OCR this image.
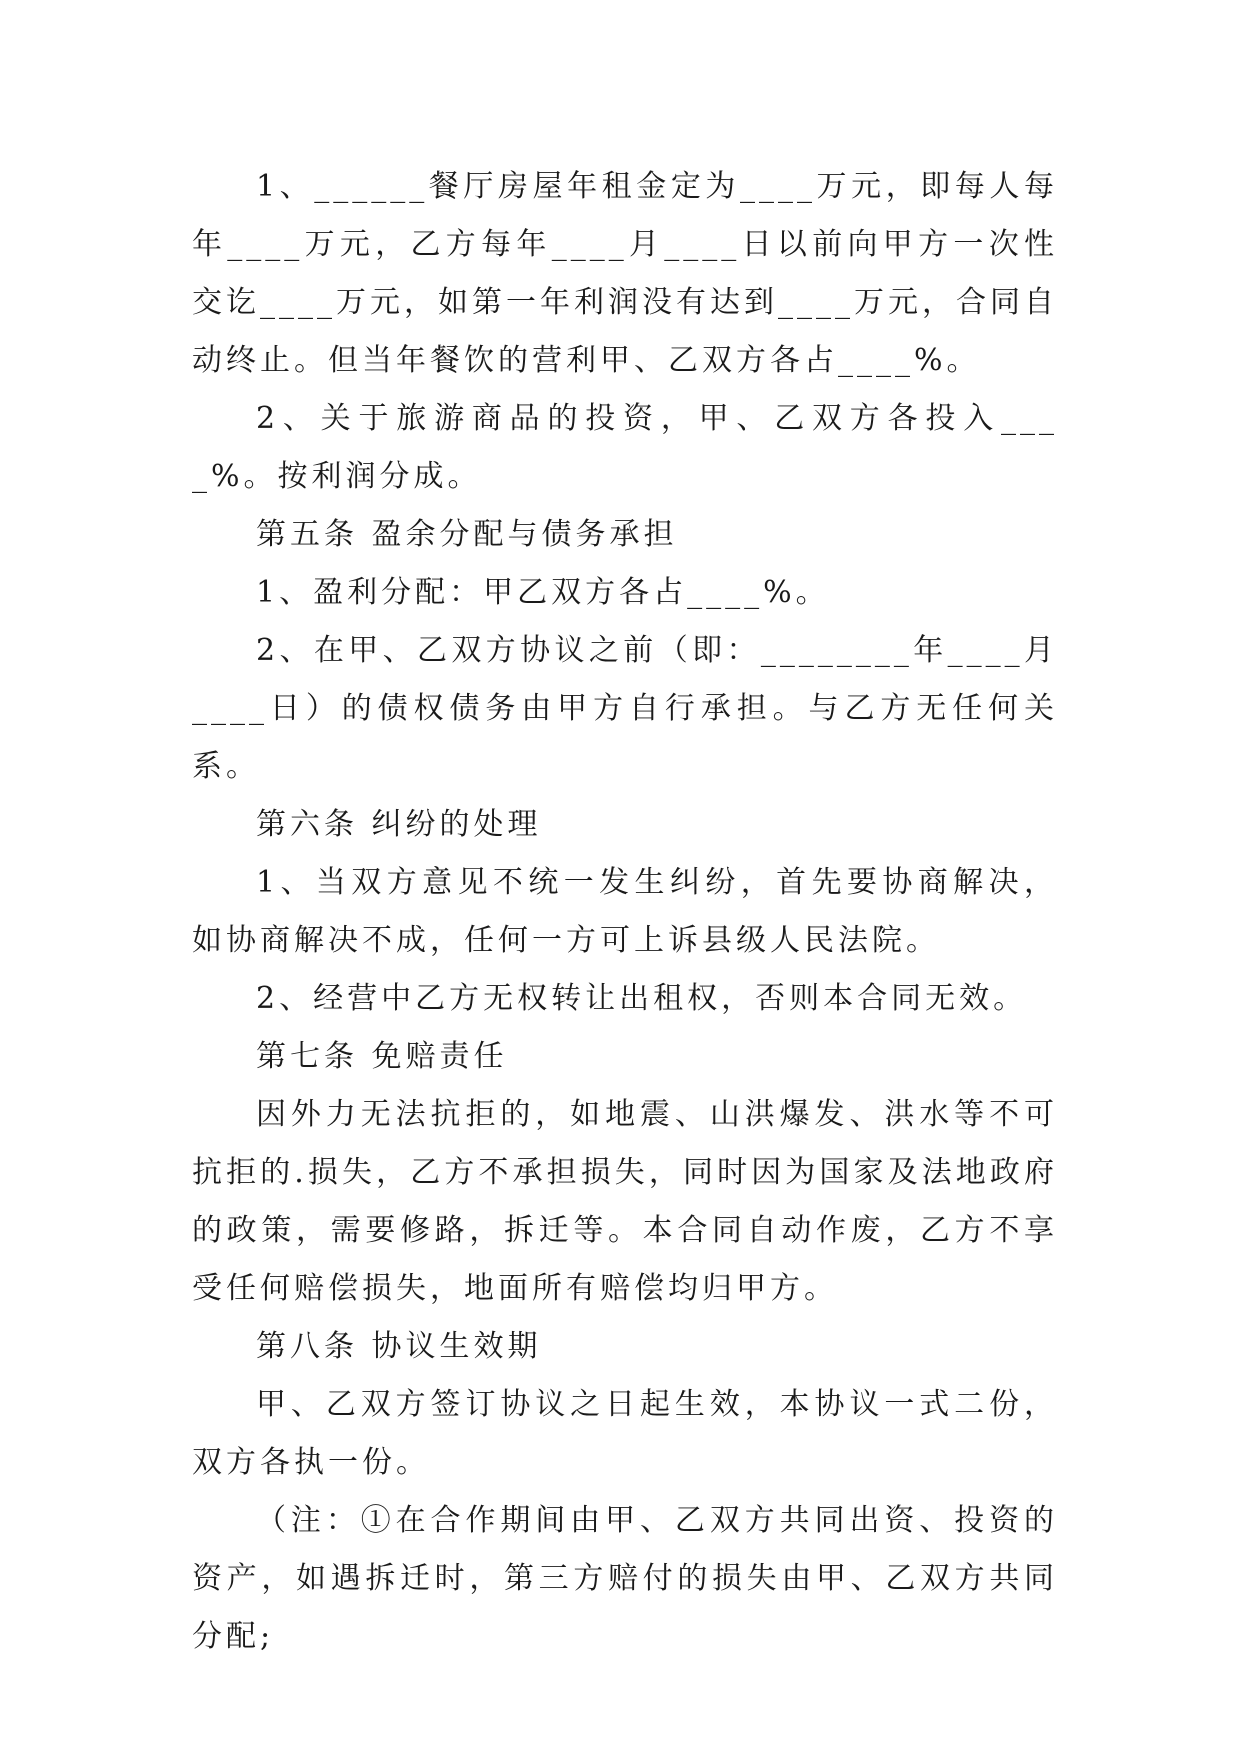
1、______餐厅房屋年租金定为____万元，即每人每年____万元，乙方每年____月____日以前向甲方一次性交讫____万元，如第一年利润没有达到____万元，合同自动终止。但当年餐饮的营利甲、乙双方各占____%。

2、关于旅游商品的投资，甲、乙双方各投入____%。按利润分成。

第五条 盈余分配与债务承担

1、盈利分配：甲乙双方各占____%。

2、在甲、乙双方协议之前（即：________年____月____日）的债权债务由甲方自行承担。与乙方无任何关系。

第六条 纠纷的处理

1、当双方意见不统一发生纠纷，首先要协商解决，如协商解决不成，任何一方可上诉县级人民法院。

2、经营中乙方无权转让出租权，否则本合同无效。

第七条 免赔责任

因外力无法抗拒的，如地震、山洪爆发、洪水等不可抗拒的.损失，乙方不承担损失，同时因为国家及法地政府的政策，需要修路，拆迁等。本合同自动作废，乙方不享受任何赔偿损失，地面所有赔偿均归甲方。

第八条 协议生效期

甲、乙双方签订协议之日起生效，本协议一式二份，双方各执一份。

（注：①在合作期间由甲、乙双方共同出资、投资的资产，如遇拆迁时，第三方赔付的损失由甲、乙双方共同分配;
